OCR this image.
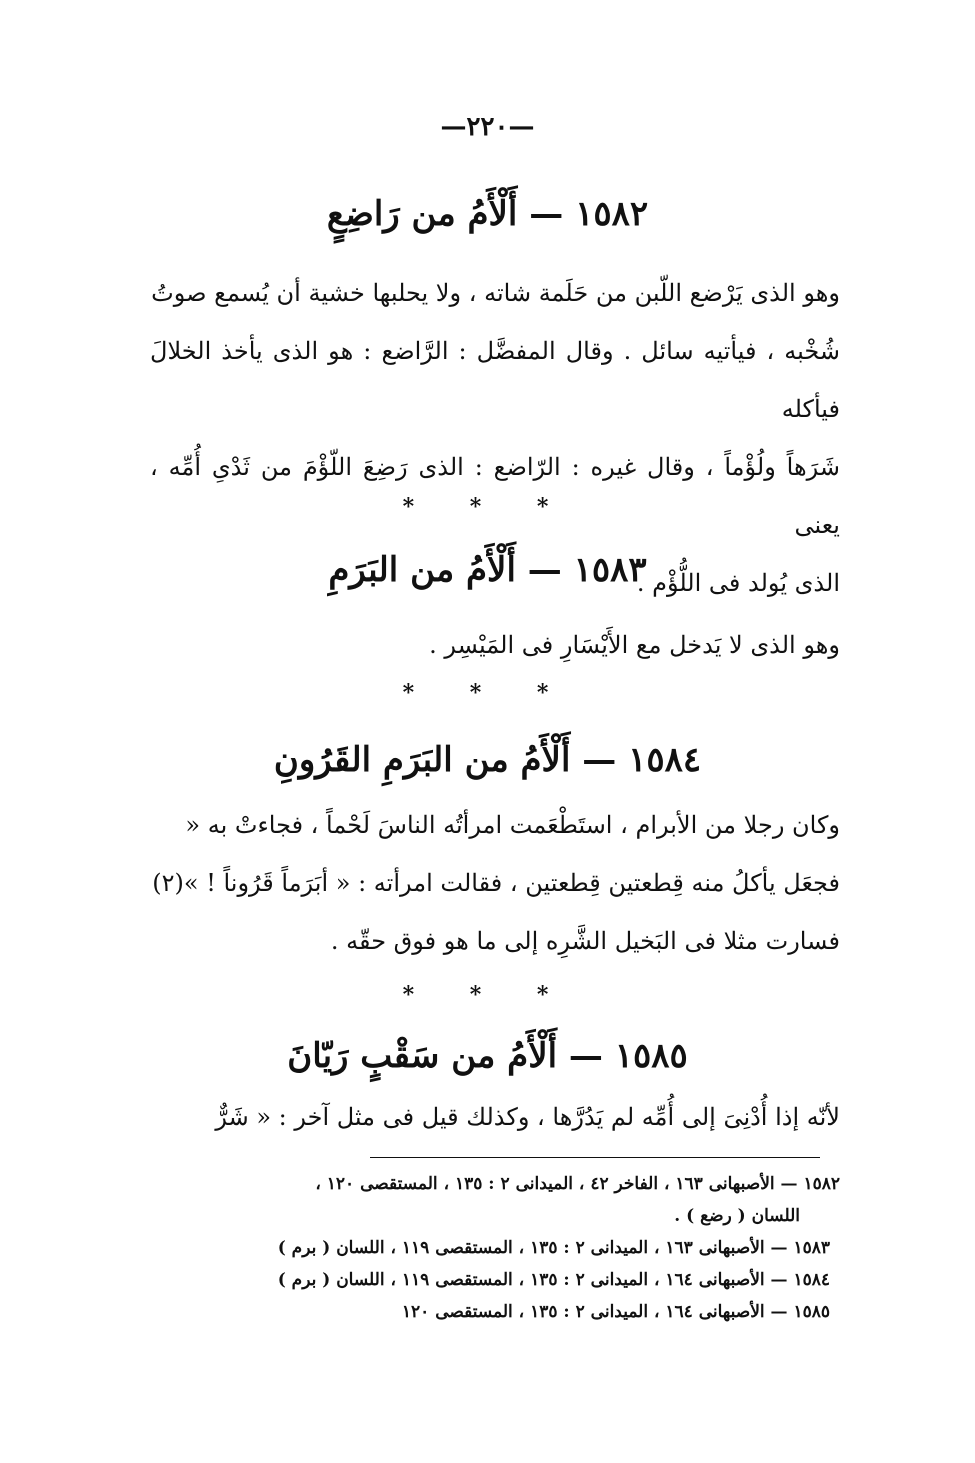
—٢٢٠—
١٥٨٢ — أَلْأَمُ من رَاضِعٍ
وهو الذى يَرْضع اللّبن من حَلَمة شاته ، ولا يحلبها خشية أن يُسمع صوتُ
شُخْبه ، فيأتيه سائل . وقال المفضَّل : الرَّاضع : هو الذى يأخذ الخلالَ فيأكله
شَرَهاً ولُؤْماً ، وقال غيره : الرّاضع : الذى رَضِعَ اللّؤْمَ من ثَدْىِ أُمِّه ، يعنى
الذى يُولد فى اللُّؤْم .
* * *
١٥٨٣ — أَلْأَمُ من البَرَمِ
وهو الذى لا يَدخل مع الأَيْسَارِ فى المَيْسِر .
* * *
١٥٨٤ — أَلْأَمُ من البَرَمِ القَرُونِ
وكان رجلا من الأبرام ، استَطْعَمت امرأتُه الناسَ لَحْماً ، فجاءتْ به «
فجعَل يأكلُ منه قِطعتين قِطعتين ، فقالت امرأته : « أبَرَماً قَرُوناً ! »(٢)
فسارت مثلا فى البَخيل الشَّرِه إلى ما هو فوق حقّه .
* * *
١٥٨٥ — أَلْأَمُ من سَقْبٍ رَيّانَ
لأنّه إذا أُدْنِىَ إلى أُمِّه لم يَدُرَّها ، وكذلك قيل فى مثل آخر : « شَرٌّ
١٥٨٢ — الأصبهانى ١٦٣ ، الفاخر ٤٢ ، الميدانى ٢ : ١٣٥ ، المستقصى ١٢٠ ،
اللسان ( رضع ) .
١٥٨٣ — الأصبهانى ١٦٣ ، الميدانى ٢ : ١٣٥ ، المستقصى ١١٩ ، اللسان ( برم )
١٥٨٤ — الأصبهانى ١٦٤ ، الميدانى ٢ : ١٣٥ ، المستقصى ١١٩ ، اللسان ( برم )
١٥٨٥ — الأصبهانى ١٦٤ ، الميدانى ٢ : ١٣٥ ، المستقصى ١٢٠
